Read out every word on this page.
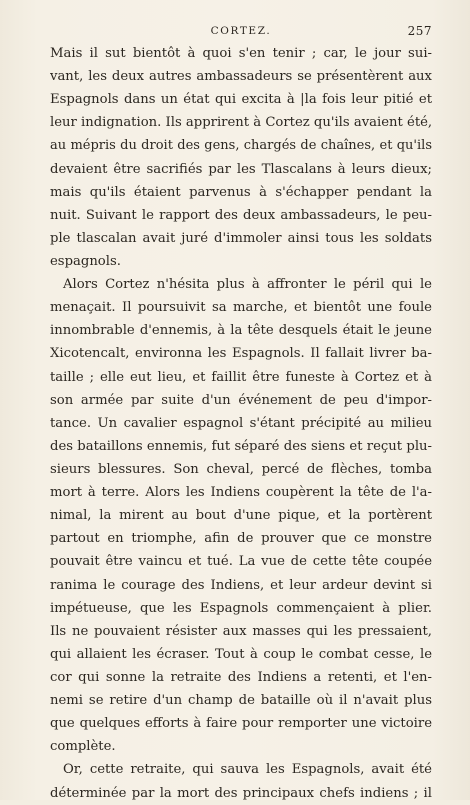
CORTEZ.	257
Mais il sut bientôt à quoi s'en tenir ; car, le jour sui-
vant, les deux autres ambassadeurs se présentèrent aux
Espagnols dans un état qui excita à |la fois leur pitié et
leur indignation. Ils apprirent à Cortez qu'ils avaient été,
au mépris du droit des gens, chargés de chaînes, et qu'ils
devaient être sacrifiés par les Tlascalans à leurs dieux;
mais qu'ils étaient parvenus à s'échapper pendant la
nuit. Suivant le rapport des deux ambassadeurs, le peu-
ple tlascalan avait juré d'immoler ainsi tous les soldats
espagnols.
Alors Cortez n'hésita plus à affronter le péril qui le
menaçait. Il poursuivit sa marche, et bientôt une foule
innombrable d'ennemis, à la tête desquels était le jeune
Xicotencalt, environna les Espagnols. Il fallait livrer ba-
taille ; elle eut lieu, et faillit être funeste à Cortez et à
son armée par suite d'un événement de peu d'impor-
tance. Un cavalier espagnol s'étant précipité au milieu
des bataillons ennemis, fut séparé des siens et reçut plu-
sieurs blessures. Son cheval, percé de flèches, tomba
mort à terre. Alors les Indiens coupèrent la tête de l'a-
nimal, la mirent au bout d'une pique, et la portèrent
partout en triomphe, afin de prouver que ce monstre
pouvait être vaincu et tué. La vue de cette tête coupée
ranima le courage des Indiens, et leur ardeur devint si
impétueuse, que les Espagnols commençaient à plier.
Ils ne pouvaient résister aux masses qui les pressaient,
qui allaient les écraser. Tout à coup le combat cesse, le
cor qui sonne la retraite des Indiens a retenti, et l'en-
nemi se retire d'un champ de bataille où il n'avait plus
que quelques efforts à faire pour remporter une victoire
complète.
Or, cette retraite, qui sauva les Espagnols, avait été
déterminée par la mort des principaux chefs indiens ; il
